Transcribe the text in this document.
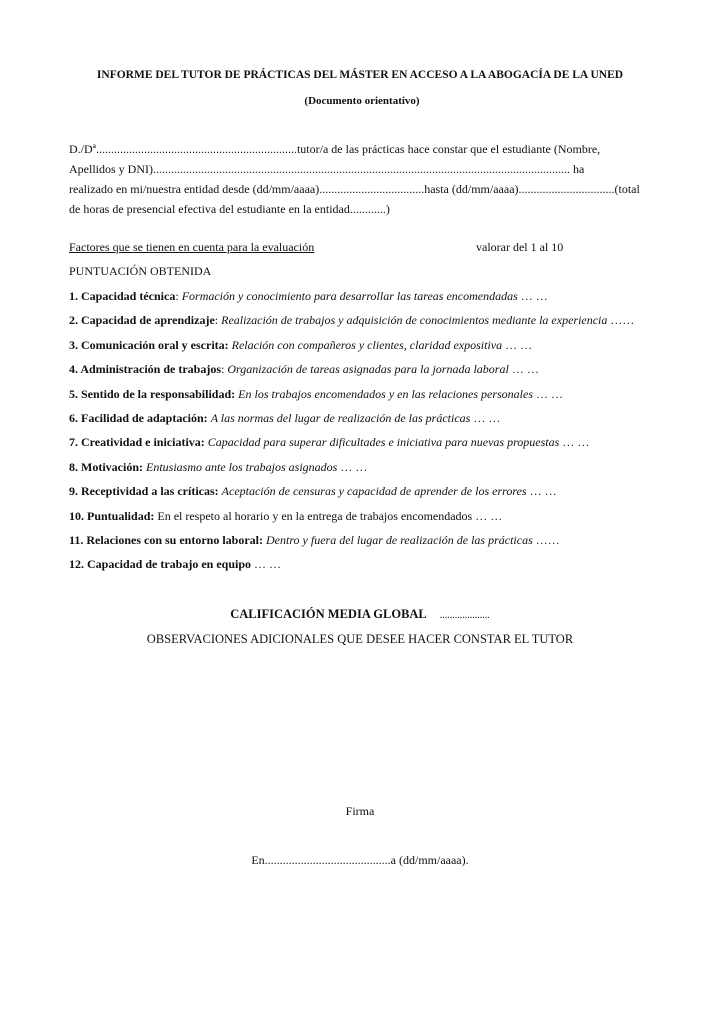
INFORME DEL TUTOR DE PRÁCTICAS DEL MÁSTER EN ACCESO A LA ABOGACÍA DE LA UNED
(Documento orientativo)
D./Dª...................................................................tutor/a de las prácticas hace constar que el estudiante (Nombre,
Apellidos y DNI)........................................................................................................................................... ha
realizado en mi/nuestra entidad desde (dd/mm/aaaa)...................................hasta (dd/mm/aaaa)................................(total
de horas de presencial efectiva del estudiante en la entidad............)
Factores que se tienen en cuenta para la evaluación	valorar del 1 al 10
PUNTUACIÓN OBTENIDA
1. Capacidad técnica: Formación y conocimiento para desarrollar las tareas encomendadas … …
2. Capacidad de aprendizaje: Realización de trabajos y adquisición de conocimientos mediante la experiencia ……
3. Comunicación oral y escrita: Relación con compañeros y clientes, claridad expositiva … …
4. Administración de trabajos: Organización de tareas asignadas para la jornada laboral … …
5. Sentido de la responsabilidad: En los trabajos encomendados y en las relaciones personales … …
6. Facilidad de adaptación: A las normas del lugar de realización de las prácticas … …
7. Creatividad e iniciativa: Capacidad para superar dificultades e iniciativa para nuevas propuestas … …
8. Motivación: Entusiasmo ante los trabajos asignados … …
9. Receptividad a las críticas: Aceptación de censuras y capacidad de aprender de los errores … …
10. Puntualidad: En el respeto al horario y en la entrega de trabajos encomendados … …
11. Relaciones con su entorno laboral: Dentro y fuera del lugar de realización de las prácticas ……
12. Capacidad de trabajo en equipo … …
CALIFICACIÓN MEDIA GLOBAL ....................
OBSERVACIONES ADICIONALES QUE DESEE HACER CONSTAR EL TUTOR
Firma
En..........................................a (dd/mm/aaaa).
